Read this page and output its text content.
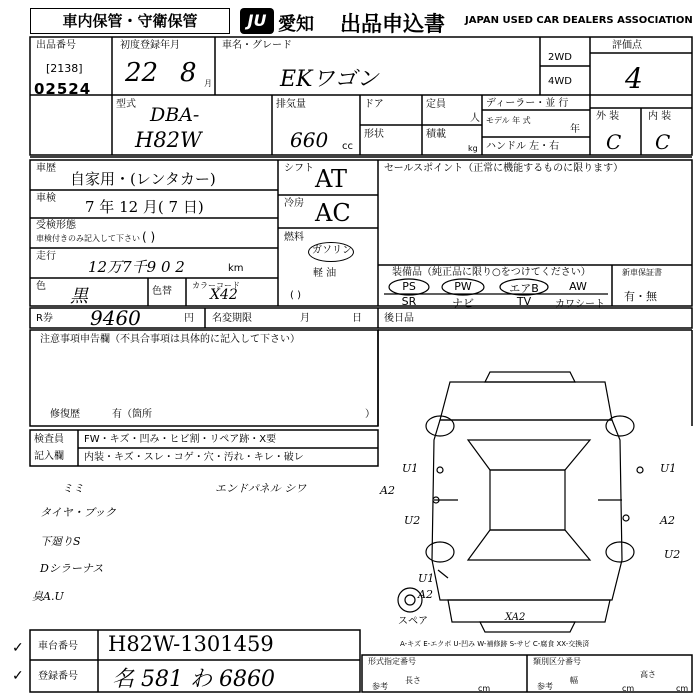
車内保管・守衛保管	JU 愛知 出品申込書 JAPAN USED CAR DEALERS ASSOCIATION
出品番号
[2138]
02524
初度登録年月
22 8 月
車名・グレード
EKワゴン
2WD
4WD
評価点
4
型式 DBA-
H82W
排気量
660 cc
ドア	定員
人
形状	積載
kg
ディーラー・並 行
モデル 年 式
年
ハンドル 左・右
外 装	内 装
C C
車歴
自家用・(レンタカー)
車検 7 年 12 月( 7 日)
受検形態
車検付きのみ記入して下さい ( )
走行
12万7千9 0 2	km
色 黒	色替
カラーコード
X42
シフト AT
冷房 AC
燃料
ガソリン
軽 油
( )
セールスポイント（正常に機能するものに限ります）
装備品（純正品に限り○をつけてください）
PS	PW	エアB	AW
SR	ナビ	TV	カワシート
新車保証書
有・無
R券 9460	円 名変期限	月	日
注意事項申告欄（不具合事項は具体的に記入して下さい）
修復歴	有（箇所	）
後日品
検査員
記入欄
FW・キズ・凹み・ヒビ割・リペア跡・X要
内装・キズ・スレ・コゲ・穴・汚れ・キレ・破レ
ミミ	エンドパネル シワ
タイヤ・ブック
下廻りS
Dシラーナス
臭A.U
U1	U1
A2
U2	A2
U1
U2
A2
XA2
スペア
A-キズ E-エクボ U-凹み W-補修跡 S-サビ C-腐食 XX-交換済
✓
✓
車台番号 H82W-1301459
登録番号 名 581 わ 6860
形式指定番号	類別区分番号
参考	参考
長さ	幅
高さ
cm	cm	cm
